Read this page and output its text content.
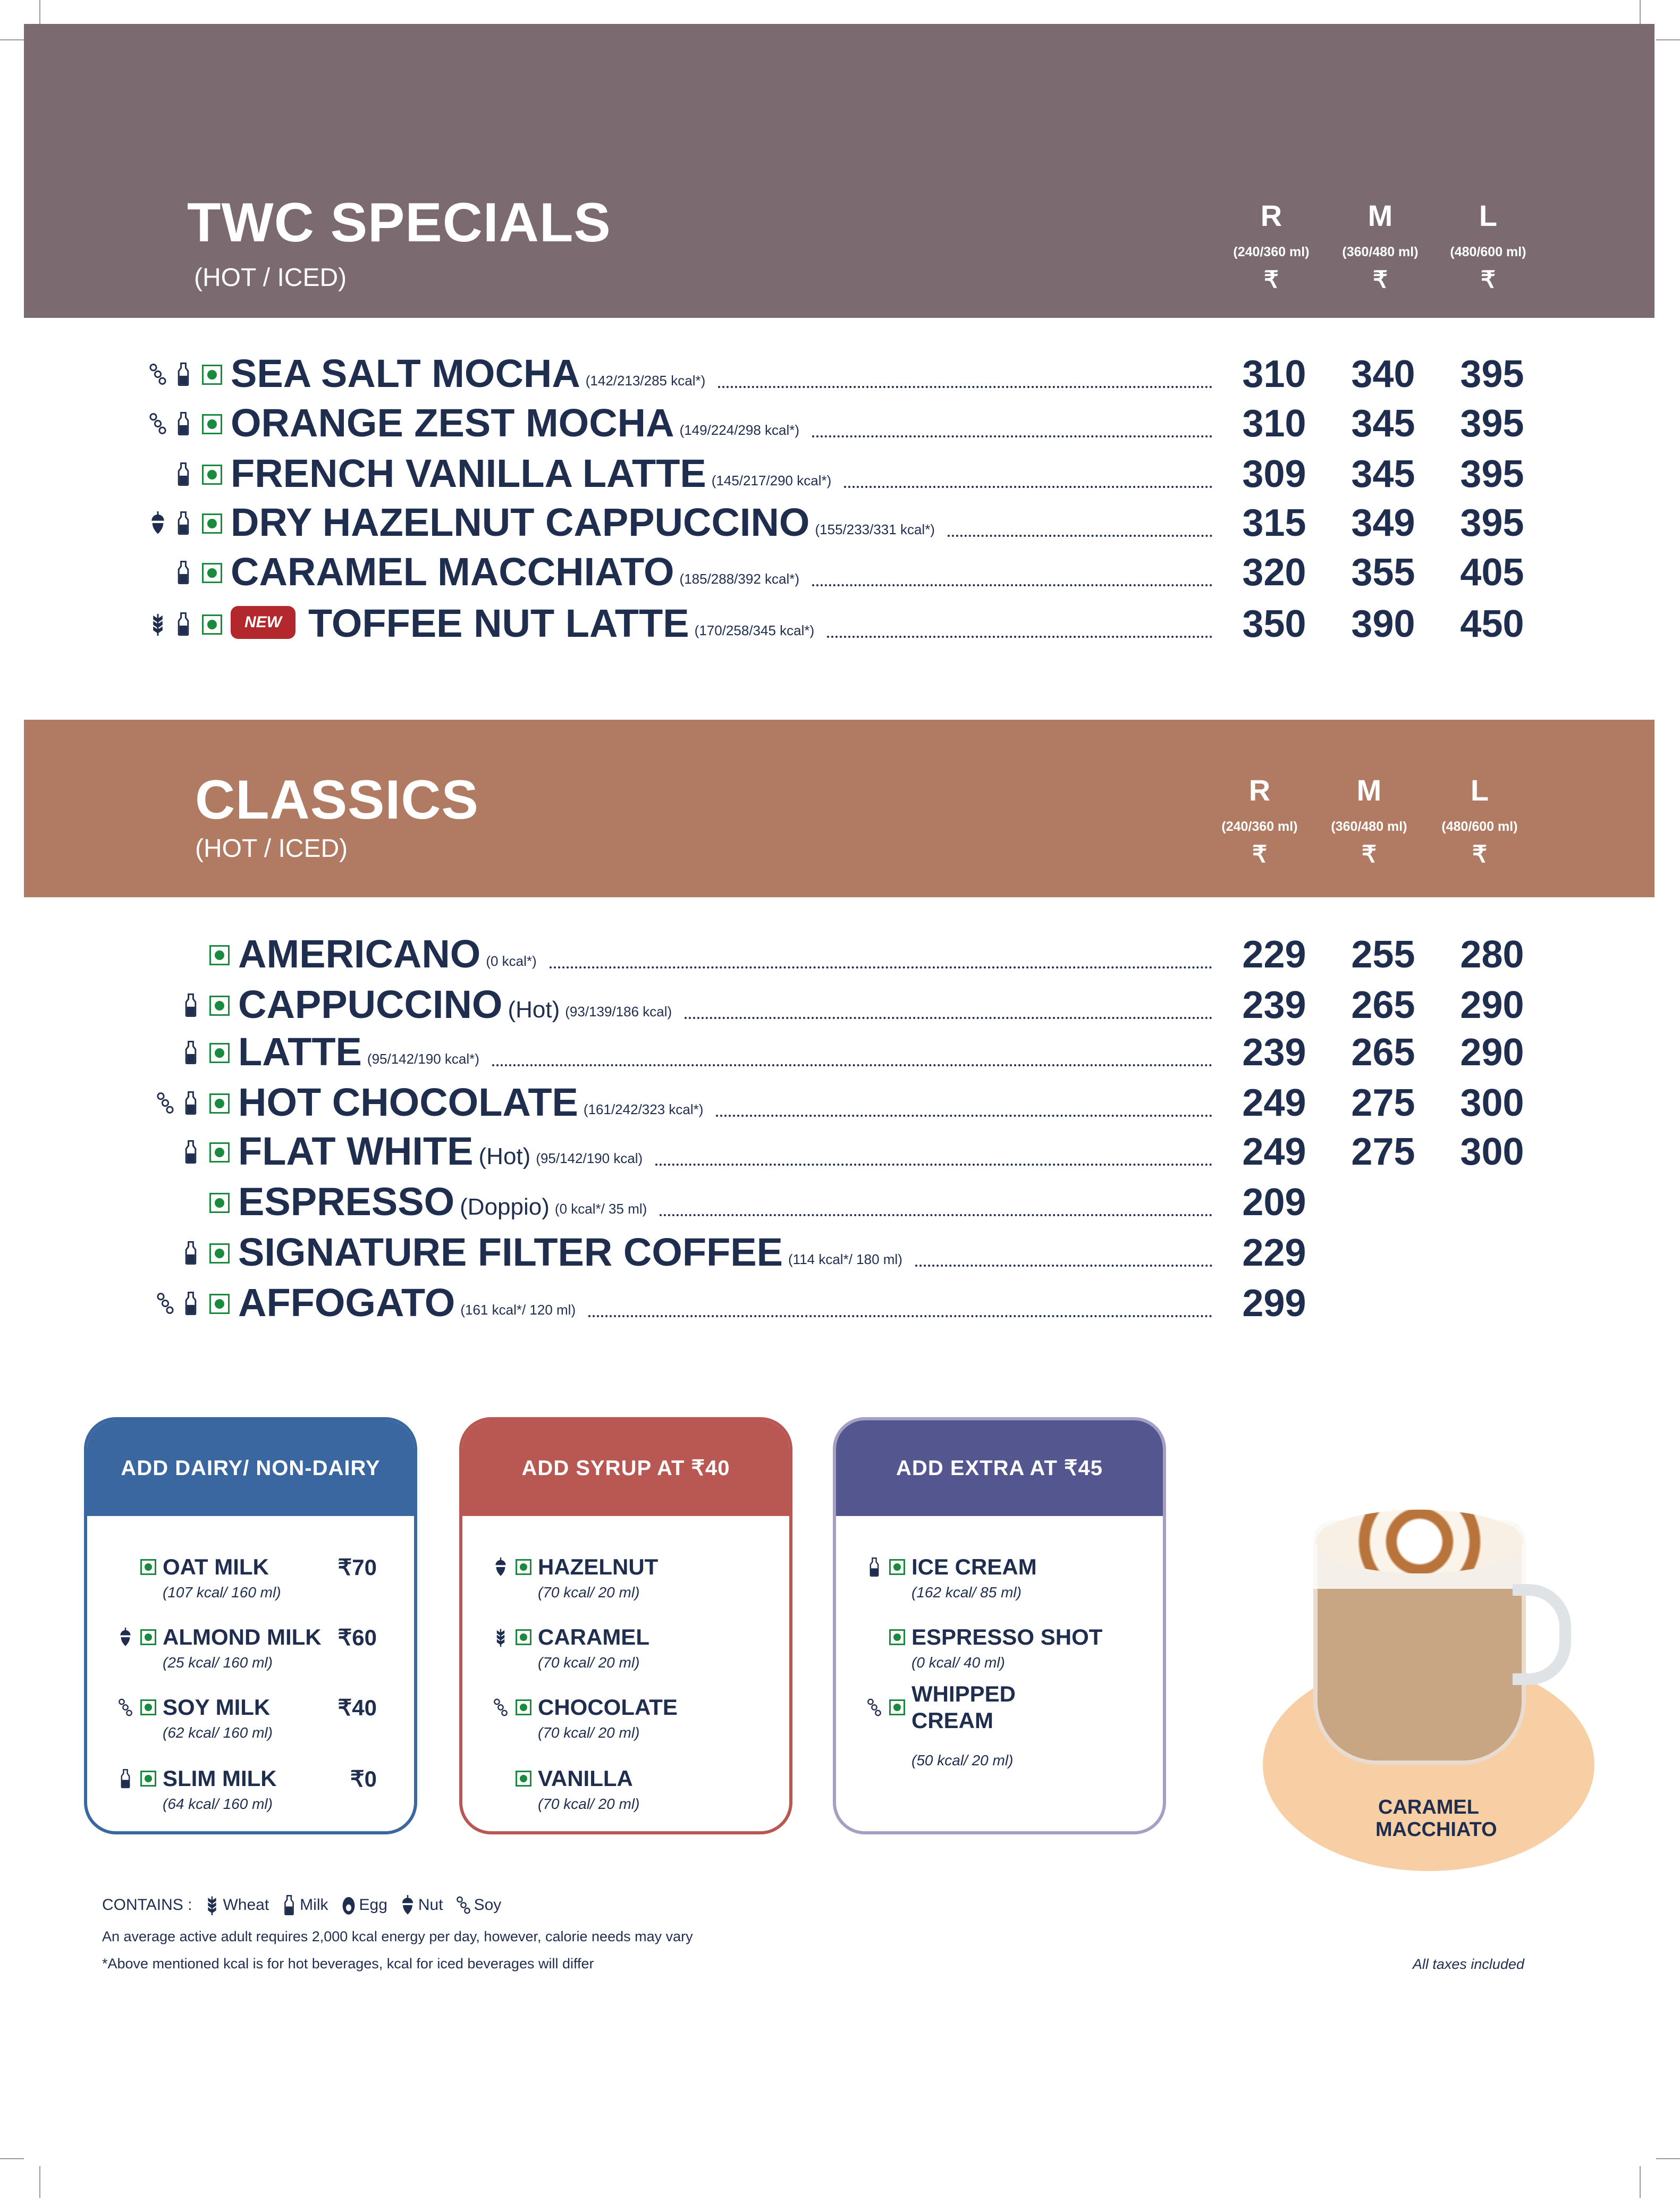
TWC SPECIALS
(HOT / ICED)
R
(240/360 ml)
₹
M
(360/480 ml)
₹
L
(480/600 ml)
₹
SEA SALT MOCHA (142/213/285 kcal*)	310	340	395
ORANGE ZEST MOCHA (149/224/298 kcal*)	310	345	395
FRENCH VANILLA LATTE (145/217/290 kcal*)	309	345	395
DRY HAZELNUT CAPPUCCINO (155/233/331 kcal*)	315	349	395
CARAMEL MACCHIATO (185/288/392 kcal*)	320	355	405
NEW TOFFEE NUT LATTE (170/258/345 kcal*)	350	390	450
CLASSICS
(HOT / ICED)
R
(240/360 ml)
₹
M
(360/480 ml)
₹
L
(480/600 ml)
₹
AMERICANO (0 kcal*)	229	255	280
CAPPUCCINO (Hot) (93/139/186 kcal)	239	265	290
LATTE (95/142/190 kcal*)	239	265	290
HOT CHOCOLATE (161/242/323 kcal*)	249	275	300
FLAT WHITE (Hot) (95/142/190 kcal)	249	275	300
ESPRESSO (Doppio) (0 kcal*/ 35 ml)	209
SIGNATURE FILTER COFFEE (114 kcal*/ 180 ml)	229
AFFOGATO (161 kcal*/ 120 ml)	299
ADD DAIRY/ NON-DAIRY
OAT MILK	₹70
(107 kcal/ 160 ml)
ALMOND MILK ₹60
(25 kcal/ 160 ml)
SOY MILK	₹40
(62 kcal/ 160 ml)
SLIM MILK	₹0
(64 kcal/ 160 ml)
ADD SYRUP AT ₹40
HAZELNUT
(70 kcal/ 20 ml)
CARAMEL
(70 kcal/ 20 ml)
CHOCOLATE
(70 kcal/ 20 ml)
VANILLA
(70 kcal/ 20 ml)
ADD EXTRA AT ₹45
ICE CREAM
(162 kcal/ 85 ml)
ESPRESSO SHOT
(0 kcal/ 40 ml)
WHIPPED CREAM
(50 kcal/ 20 ml)
CARAMEL MACCHIATO
CONTAINS : Wheat Milk Egg Nut Soy
An average active adult requires 2,000 kcal energy per day, however, calorie needs may vary
*Above mentioned kcal is for hot beverages, kcal for iced beverages will differ	All taxes included
